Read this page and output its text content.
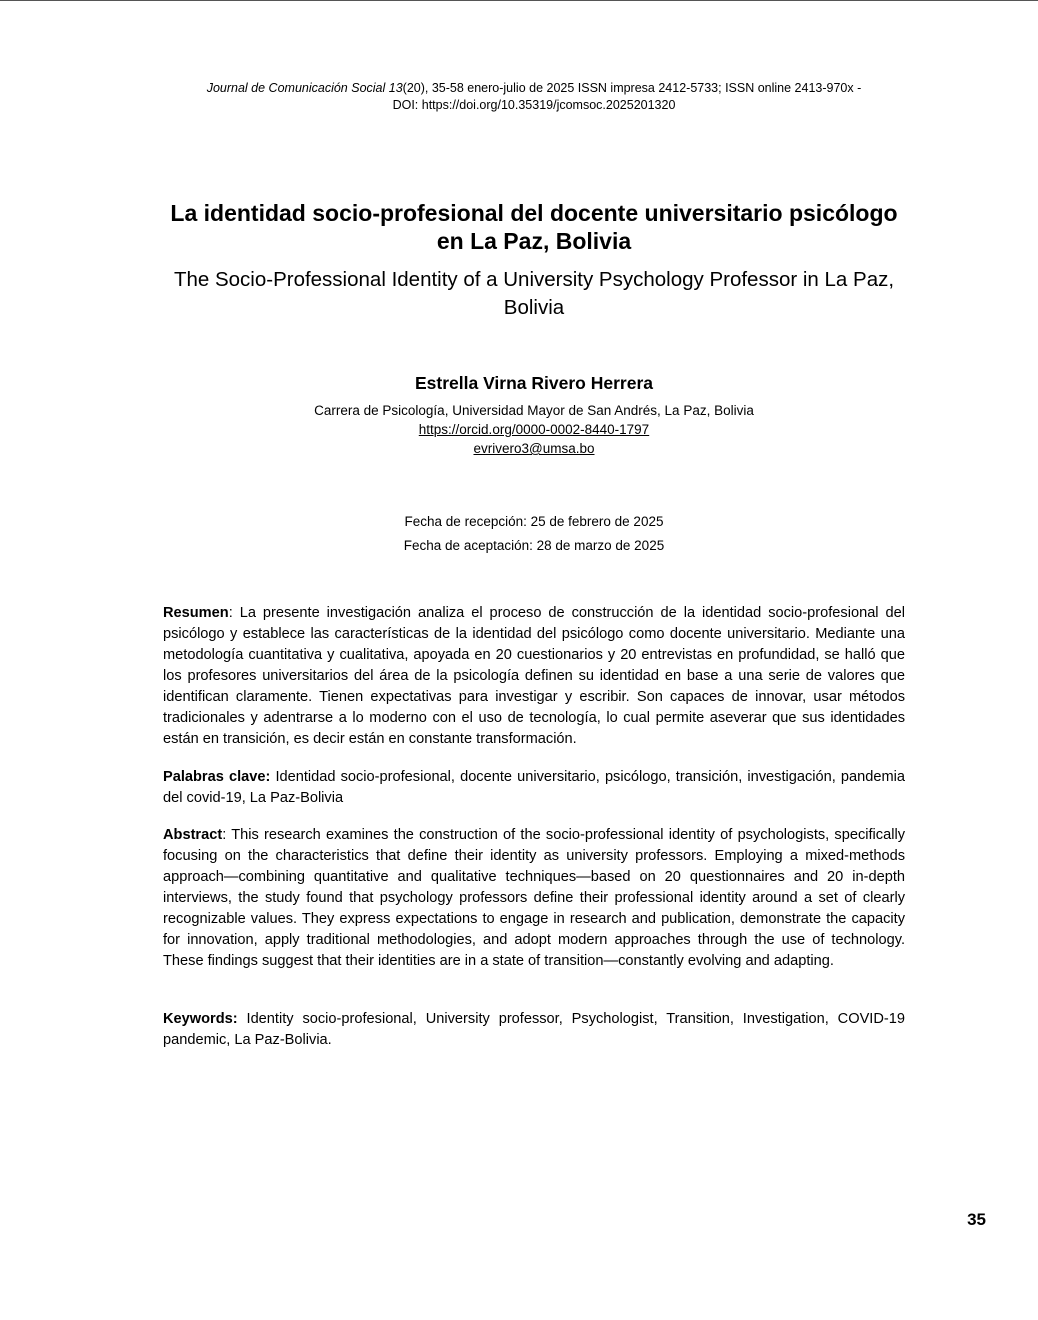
Journal de Comunicación Social 13(20), 35-58 enero-julio de 2025 ISSN impresa 2412-5733; ISSN online 2413-970x -
DOI: https://doi.org/10.35319/jcomsoc.2025201320
La identidad socio-profesional del docente universitario psicólogo en La Paz, Bolivia
The Socio-Professional Identity of a University Psychology Professor in La Paz, Bolivia
Estrella Virna Rivero Herrera
Carrera de Psicología, Universidad Mayor de San Andrés, La Paz, Bolivia
https://orcid.org/0000-0002-8440-1797
evrivero3@umsa.bo
Fecha de recepción: 25 de febrero de 2025
Fecha de aceptación: 28 de marzo de 2025
Resumen: La presente investigación analiza el proceso de construcción de la identidad socio-profesional del psicólogo y establece las características de la identidad del psicólogo como docente universitario. Mediante una metodología cuantitativa y cualitativa, apoyada en 20 cuestionarios y 20 entrevistas en profundidad, se halló que los profesores universitarios del área de la psicología definen su identidad en base a una serie de valores que identifican claramente. Tienen expectativas para investigar y escribir. Son capaces de innovar, usar métodos tradicionales y adentrarse a lo moderno con el uso de tecnología, lo cual permite aseverar que sus identidades están en transición, es decir están en constante transformación.
Palabras clave: Identidad socio-profesional, docente universitario, psicólogo, transición, investigación, pandemia del covid-19, La Paz-Bolivia
Abstract: This research examines the construction of the socio-professional identity of psychologists, specifically focusing on the characteristics that define their identity as university professors. Employing a mixed-methods approach—combining quantitative and qualitative techniques—based on 20 questionnaires and 20 in-depth interviews, the study found that psychology professors define their professional identity around a set of clearly recognizable values. They express expectations to engage in research and publication, demonstrate the capacity for innovation, apply traditional methodologies, and adopt modern approaches through the use of technology. These findings suggest that their identities are in a state of transition—constantly evolving and adapting.
Keywords: Identity socio-profesional, University professor, Psychologist, Transition, Investigation, COVID-19 pandemic, La Paz-Bolivia.
35
